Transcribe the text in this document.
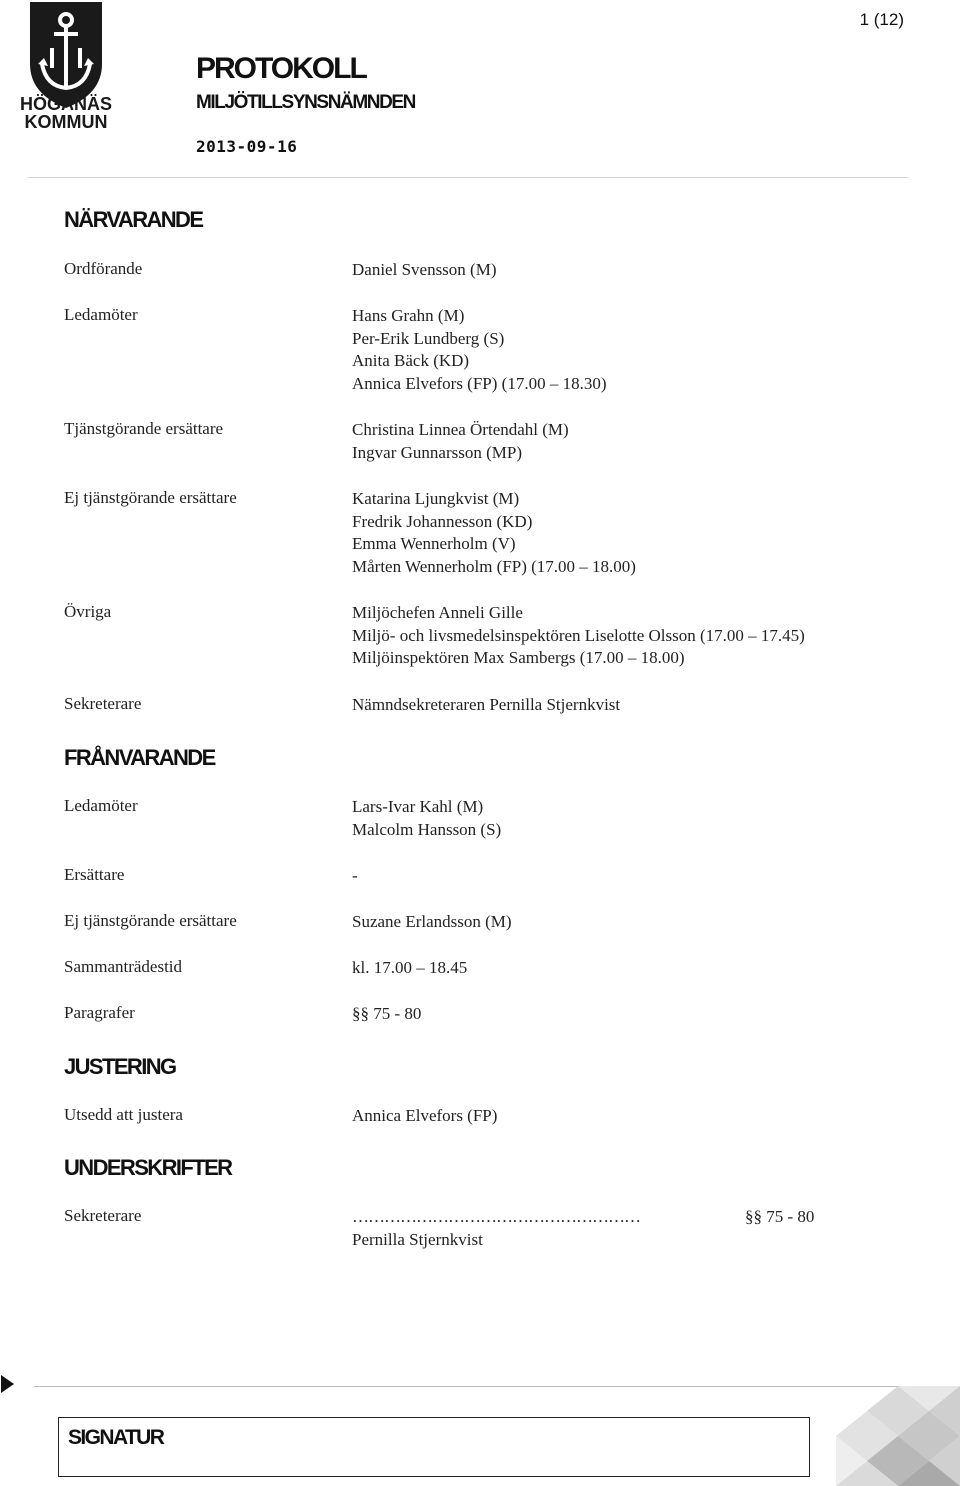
HÖGANÄS
KOMMUN
1 (12)
PROTOKOLL
MILJÖTILLSYNSNÄMNDEN
2013-09-16
NÄRVARANDE
Ordförande	Daniel Svensson (M)
Ledamöter	Hans Grahn (M)
Per-Erik Lundberg (S)
Anita Bäck (KD)
Annica Elvefors (FP) (17.00 – 18.30)
Tjänstgörande ersättare	Christina Linnea Örtendahl (M)
Ingvar Gunnarsson (MP)
Ej tjänstgörande ersättare	Katarina Ljungkvist (M)
Fredrik Johannesson (KD)
Emma Wennerholm (V)
Mårten Wennerholm (FP) (17.00 – 18.00)
Övriga	Miljöchefen Anneli Gille
Miljö- och livsmedelsinspektören Liselotte Olsson (17.00 – 17.45)
Miljöinspektören Max Sambergs (17.00 – 18.00)
Sekreterare	Nämndsekreteraren Pernilla Stjernkvist
FRÅNVARANDE
Ledamöter	Lars-Ivar Kahl (M)
Malcolm Hansson (S)
Ersättare	-
Ej tjänstgörande ersättare	Suzane Erlandsson (M)
Sammanträdestid	kl. 17.00 – 18.45
Paragrafer	§§ 75 - 80
JUSTERING
Utsedd att justera	Annica Elvefors (FP)
UNDERSKRIFTER
Sekreterare	………………………………………………	§§ 75 - 80
Pernilla Stjernkvist
SIGNATUR
